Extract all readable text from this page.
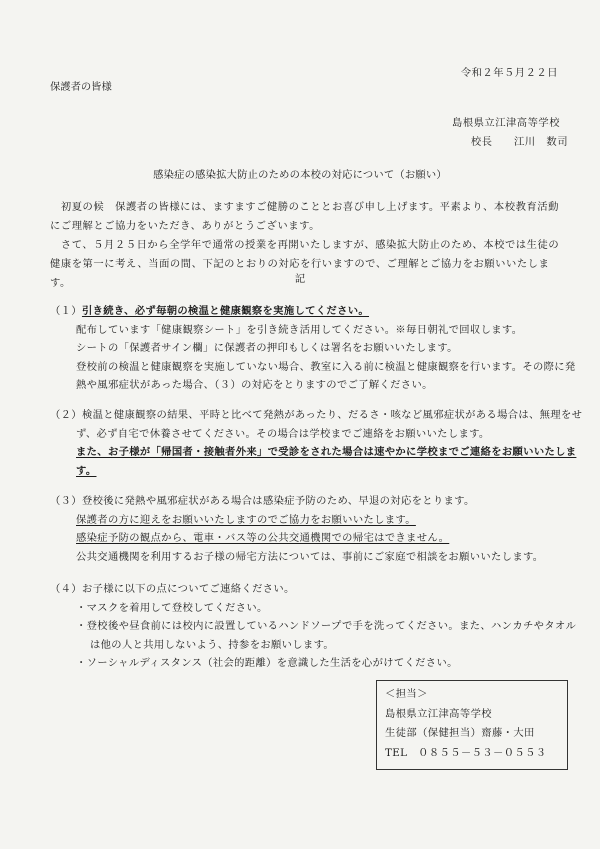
令和２年５月２２日
保護者の皆様
島根県立江津高等学校
校長　　江川　数司
感染症の感染拡大防止のための本校の対応について（お願い）
　初夏の候　保護者の皆様には、ますますご健勝のこととお喜び申し上げます。平素より、本校教育活動にご理解とご協力をいただき、ありがとうございます。
　さて、５月２５日から全学年で通常の授業を再開いたしますが、感染拡大防止のため、本校では生徒の健康を第一に考え、当面の間、下記のとおりの対応を行いますので、ご理解とご協力をお願いいたします。	記
（１）引き続き、必ず毎朝の検温と健康観察を実施してください。
配布しています「健康観察シート」を引き続き活用してください。※毎日朝礼で回収します。
シートの「保護者サイン欄」に保護者の押印もしくは署名をお願いいたします。
登校前の検温と健康観察を実施していない場合、教室に入る前に検温と健康観察を行います。その際に発
熱や風邪症状があった場合、（３）の対応をとりますのでご了解ください。
（２）検温と健康観察の結果、平時と比べて発熱があったり、だるさ・咳など風邪症状がある場合は、無理をせ
ず、必ず自宅で休養させてください。その場合は学校までご連絡をお願いいたします。
また、お子様が「帰国者・接触者外来」で受診をされた場合は速やかに学校までご連絡をお願いいたしま
す。
（３）登校後に発熱や風邪症状がある場合は感染症予防のため、早退の対応をとります。
保護者の方に迎えをお願いいたしますのでご協力をお願いいたします。
感染症予防の観点から、電車・バス等の公共交通機関での帰宅はできません。
公共交通機関を利用するお子様の帰宅方法については、事前にご家庭で相談をお願いいたします。
（４）お子様に以下の点についてご連絡ください。
・マスクを着用して登校してください。
・登校後や昼食前には校内に設置しているハンドソープで手を洗ってください。また、ハンカチやタオル
は他の人と共用しないよう、持参をお願いします。
・ソーシャルディスタンス（社会的距離）を意識した生活を心がけてください。
＜担当＞
島根県立江津高等学校
生徒部（保健担当）齋藤・大田
TEL　０８５５－５３－０５５３
